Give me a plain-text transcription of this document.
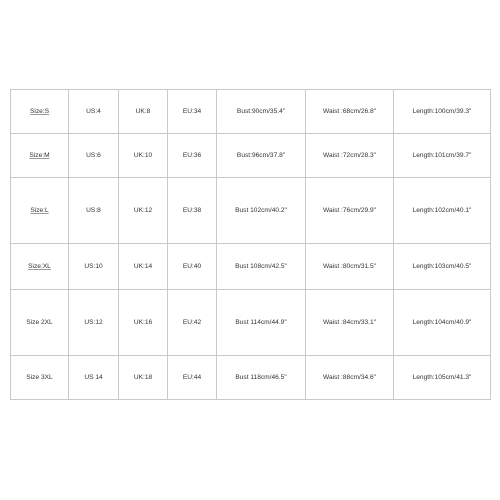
Size:S	US:4	UK:8	EU:34	Bust:90cm/35.4"	Waist :68cm/26.8"	Length:100cm/39.3"
Size:M	US:6	UK:10	EU:36	Bust:96cm/37.8"	Waist :72cm/28.3"	Length:101cm/39.7"
Size:L	US:8	UK:12	EU:38	Bust 102cm/40.2"	Waist :76cm/29.9"	Length:102cm/40.1"
Size:XL	US:10	UK:14	EU:40	Bust 108cm/42.5"	Waist :80cm/31.5"	Length:103cm/40.5"
Size 2XL	US:12	UK:16	EU:42	Bust 114cm/44.9"	Waist :84cm/33.1"	Length:104cm/40.9"
Size 3XL	US 14	UK:18	EU:44	Bust 118cm/46.5"	Waist :88cm/34.6"	Length:105cm/41.3"
